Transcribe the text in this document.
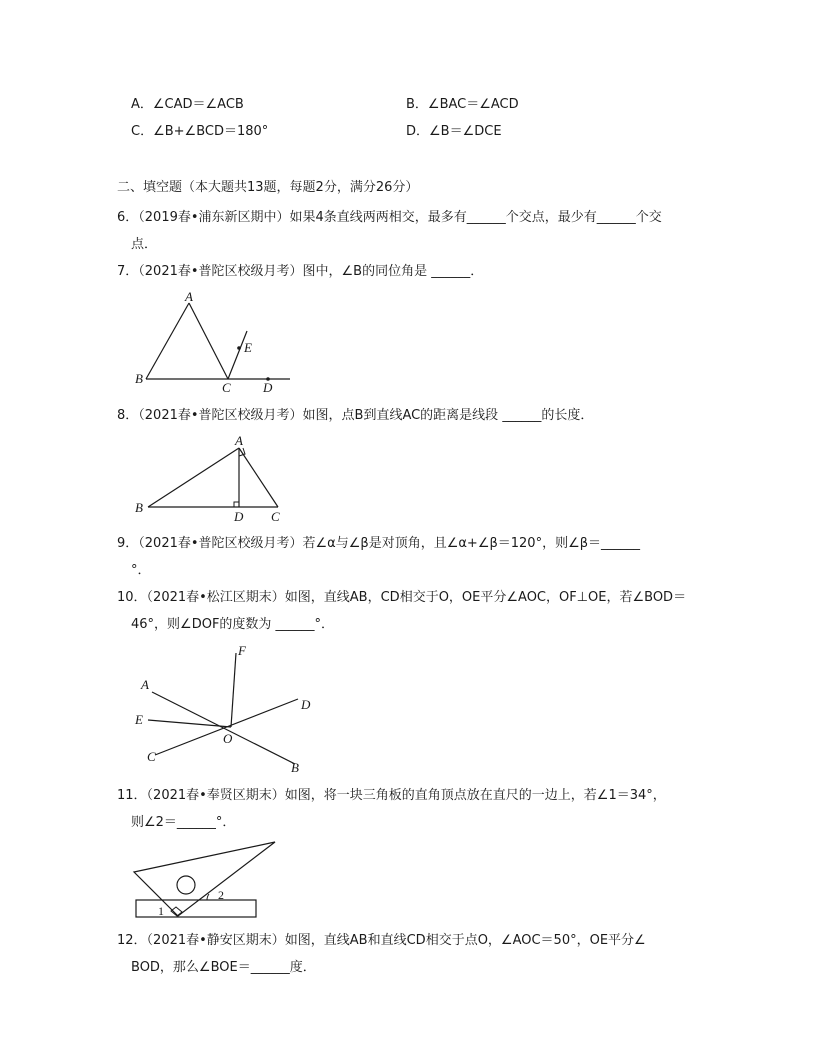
A．∠CAD＝∠ACB	B．∠BAC＝∠ACD
C．∠B+∠BCD＝180°	D．∠B＝∠DCE
二、填空题（本大题共13题，每题2分，满分26分）
6．（2019春•浦东新区期中）如果4条直线两两相交，最多有______个交点，最少有______个交
点．
7．（2021春•普陀区校级月考）图中，∠B的同位角是 ______．
A
E
B
C D
8．（2021春•普陀区校级月考）如图，点B到直线AC的距离是线段 ______的长度．
A
B
D C
9．（2021春•普陀区校级月考）若∠α与∠β是对顶角，且∠α+∠β＝120°，则∠β＝______
°．
10．（2021春•松江区期末）如图，直线AB，CD相交于O，OE平分∠AOC，OF⊥OE，若∠BOD＝
46°，则∠DOF的度数为 ______°．
F
A
D
E
O
C
B
11．（2021春•奉贤区期末）如图，将一块三角板的直角顶点放在直尺的一边上，若∠1＝34°，
则∠2＝______°．
2
1
12．（2021春•静安区期末）如图，直线AB和直线CD相交于点O，∠AOC＝50°，OE平分∠
BOD，那么∠BOE＝______度．
